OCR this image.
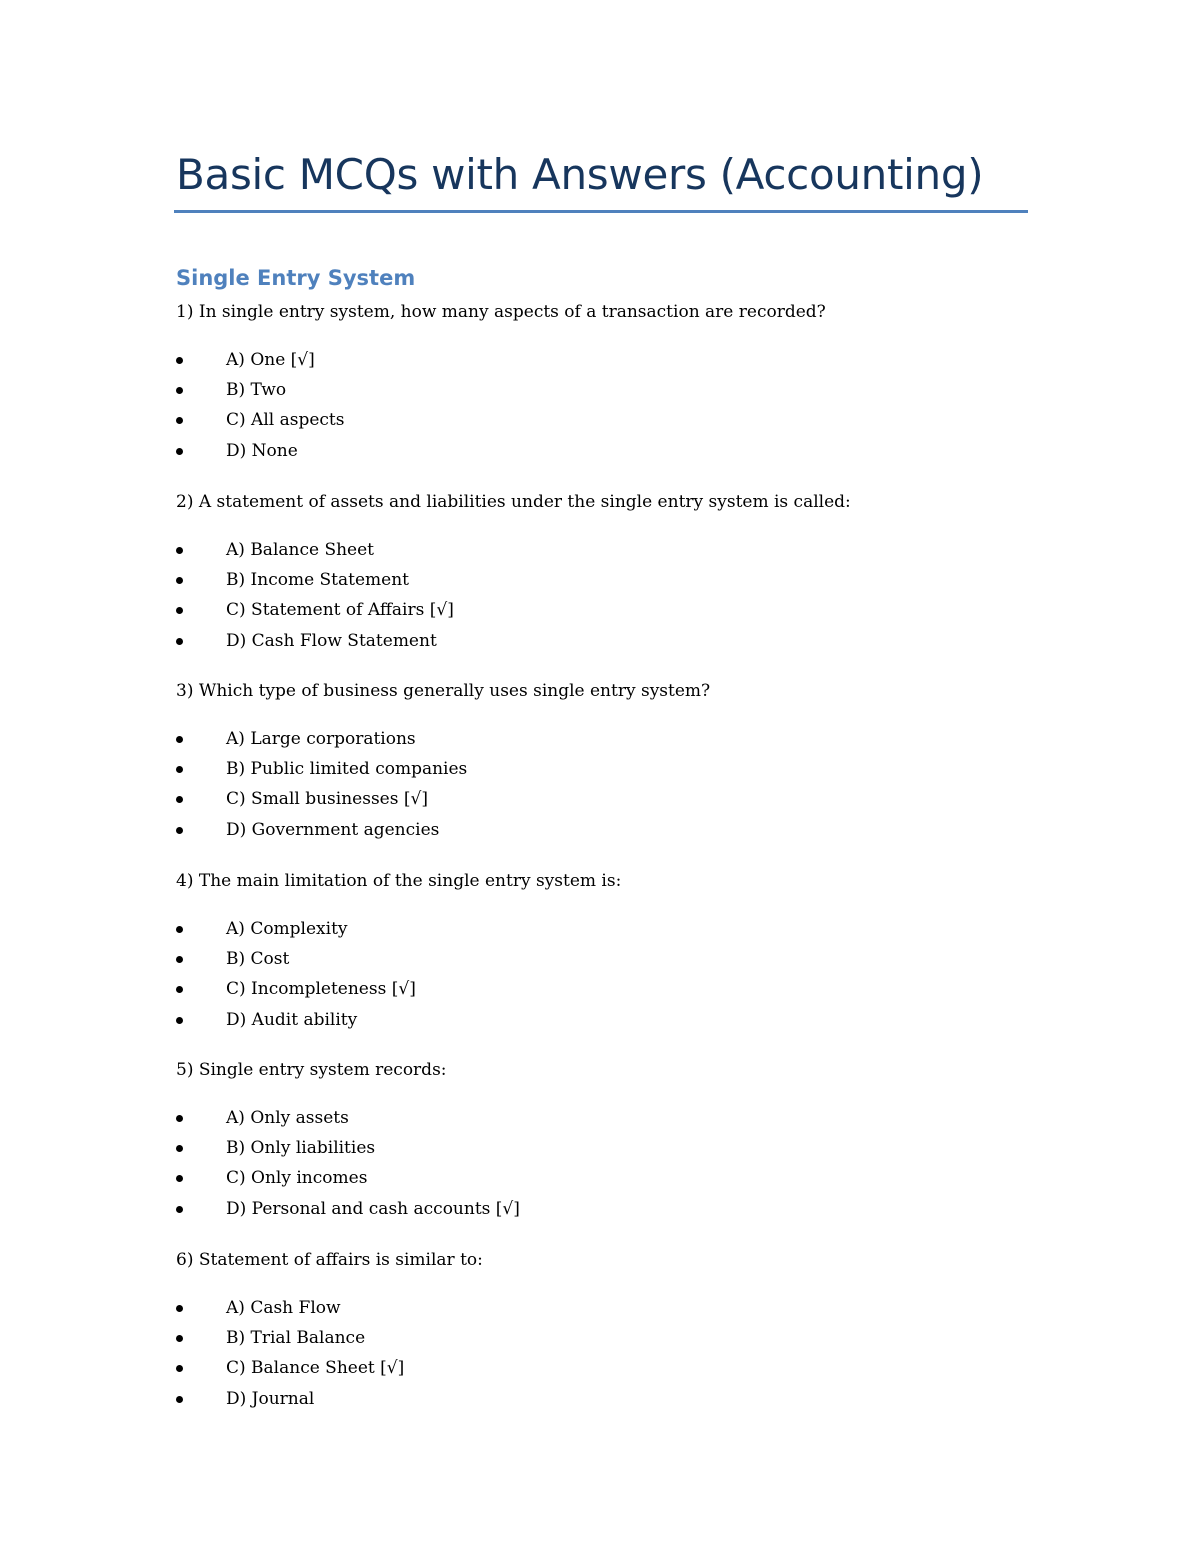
Basic MCQs with Answers (Accounting)
Single Entry System

1) In single entry system, how many aspects of a transaction are recorded?

A) One [√]
B) Two
C) All aspects
D) None

2) A statement of assets and liabilities under the single entry system is called:

A) Balance Sheet
B) Income Statement
C) Statement of Affairs [√]
D) Cash Flow Statement

3) Which type of business generally uses single entry system?

A) Large corporations
B) Public limited companies
C) Small businesses [√]
D) Government agencies

4) The main limitation of the single entry system is:

A) Complexity
B) Cost
C) Incompleteness [√]
D) Audit ability

5) Single entry system records:

A) Only assets
B) Only liabilities
C) Only incomes
D) Personal and cash accounts [√]

6) Statement of affairs is similar to:

A) Cash Flow
B) Trial Balance
C) Balance Sheet [√]
D) Journal
